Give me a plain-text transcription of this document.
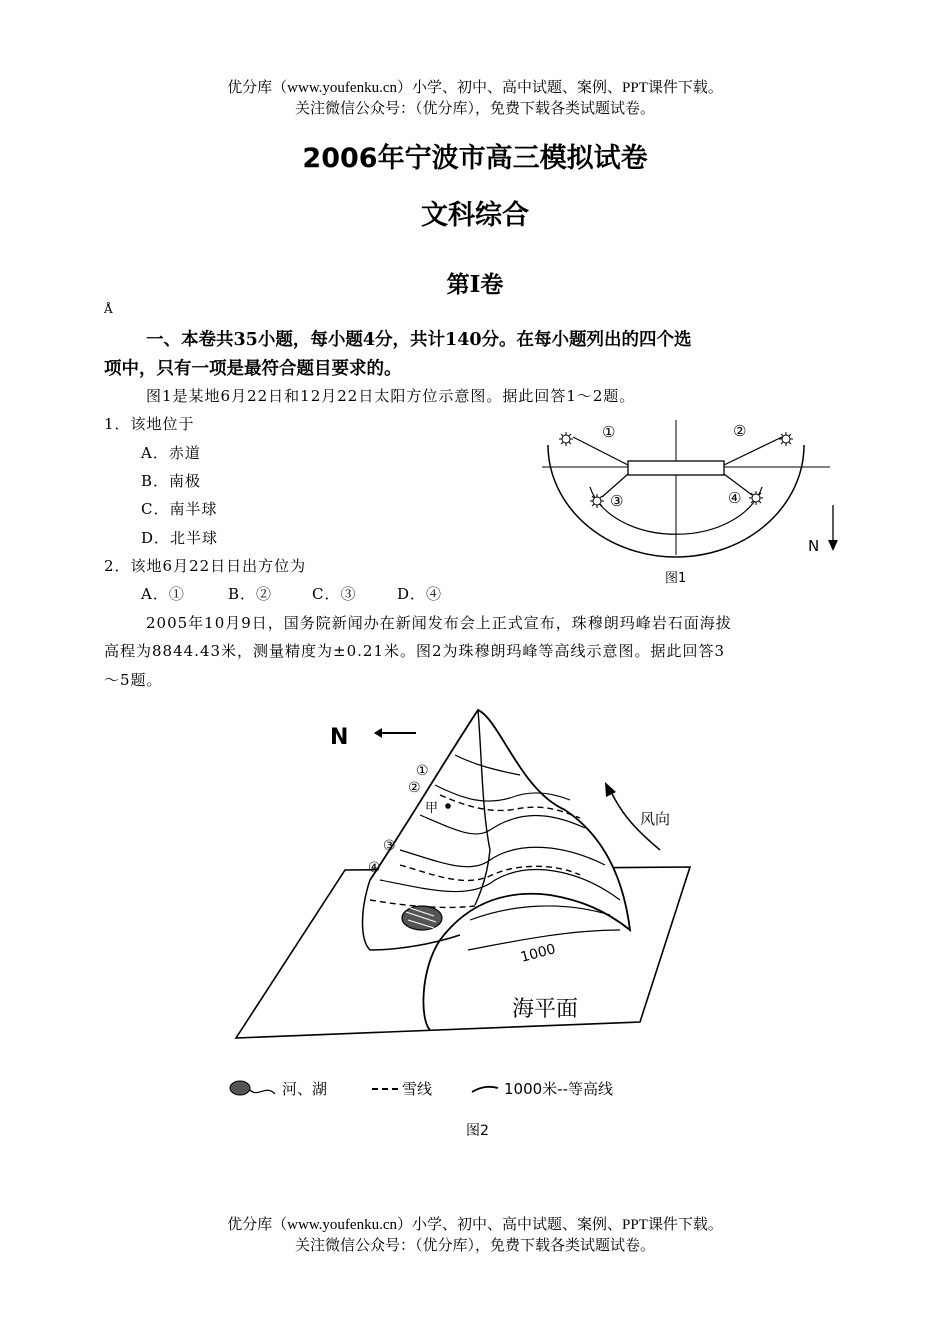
优分库（www.youfenku.cn）小学、初中、高中试题、案例、PPT课件下载。
关注微信公众号：（优分库），免费下载各类试题试卷。
2006年宁波市高三模拟试卷
文科综合
第Ⅰ卷
Å
一、本卷共35小题，每小题4分，共计140分。在每小题列出的四个选
项中，只有一项是最符合题目要求的。
图1是某地6月22日和12月22日太阳方位示意图。据此回答1～2题。
1．该地位于
A．赤道
B．南极
C．南半球
D．北半球
2．该地6月22日日出方位为
A．①	B．②	C．③	D．④
①	②
③	④
N
图1
2005年10月9日，国务院新闻办在新闻发布会上正式宣布，珠穆朗玛峰岩石面海拔
高程为8844.43米，测量精度为±0.21米。图2为珠穆朗玛峰等高线示意图。据此回答3
～5题。
N
甲
①
②
③
④
风向
1000
海平面
河、湖	雪线	1000米--等高线
图2
优分库（www.youfenku.cn）小学、初中、高中试题、案例、PPT课件下载。
关注微信公众号：（优分库），免费下载各类试题试卷。
